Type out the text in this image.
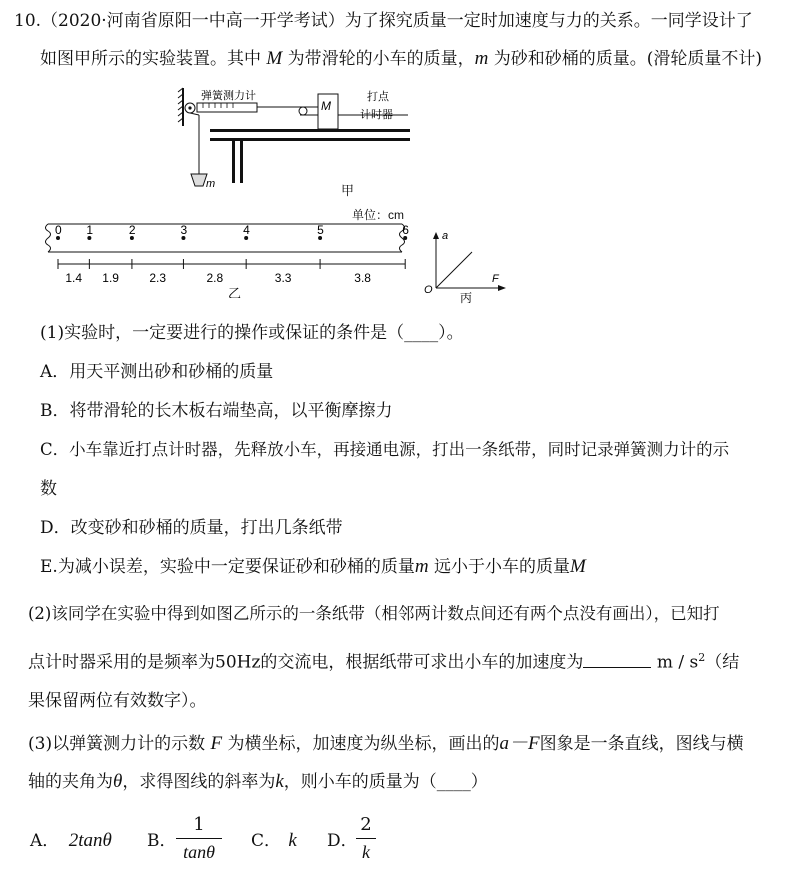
10.（2020·河南省原阳一中高一开学考试）为了探究质量一定时加速度与力的关系。一同学设计了
如图甲所示的实验装置。其中 M 为带滑轮的小车的质量，m 为砂和砂桶的质量。(滑轮质量不计)
弹簧测力计
M
打点
计时器
m	甲
单位：cm
0 1	2	3	4	5	6
1.4 1.9	2.3	2.8	3.3	3.8
乙
a
F
O
丙
(1)实验时，一定要进行的操作或保证的条件是（____）。
A．用天平测出砂和砂桶的质量
B．将带滑轮的长木板右端垫高，以平衡摩擦力
C．小车靠近打点计时器，先释放小车，再接通电源，打出一条纸带，同时记录弹簧测力计的示
数
D．改变砂和砂桶的质量，打出几条纸带
E.为减小误差，实验中一定要保证砂和砂桶的质量m 远小于小车的质量M
(2)该同学在实验中得到如图乙所示的一条纸带（相邻两计数点间还有两个点没有画出），已知打
点计时器采用的是频率为50Hz的交流电，根据纸带可求出小车的加速度为	m / $s^2$（结
果保留两位有效数字）。
(3)以弹簧测力计的示数 F 为横坐标，加速度为纵坐标，画出的a－F图象是一条直线，图线与横
轴的夹角为θ，求得图线的斜率为k，则小车的质量为（____）
A． 2tanθ B．
1
tanθ
C． k D．
2
k
